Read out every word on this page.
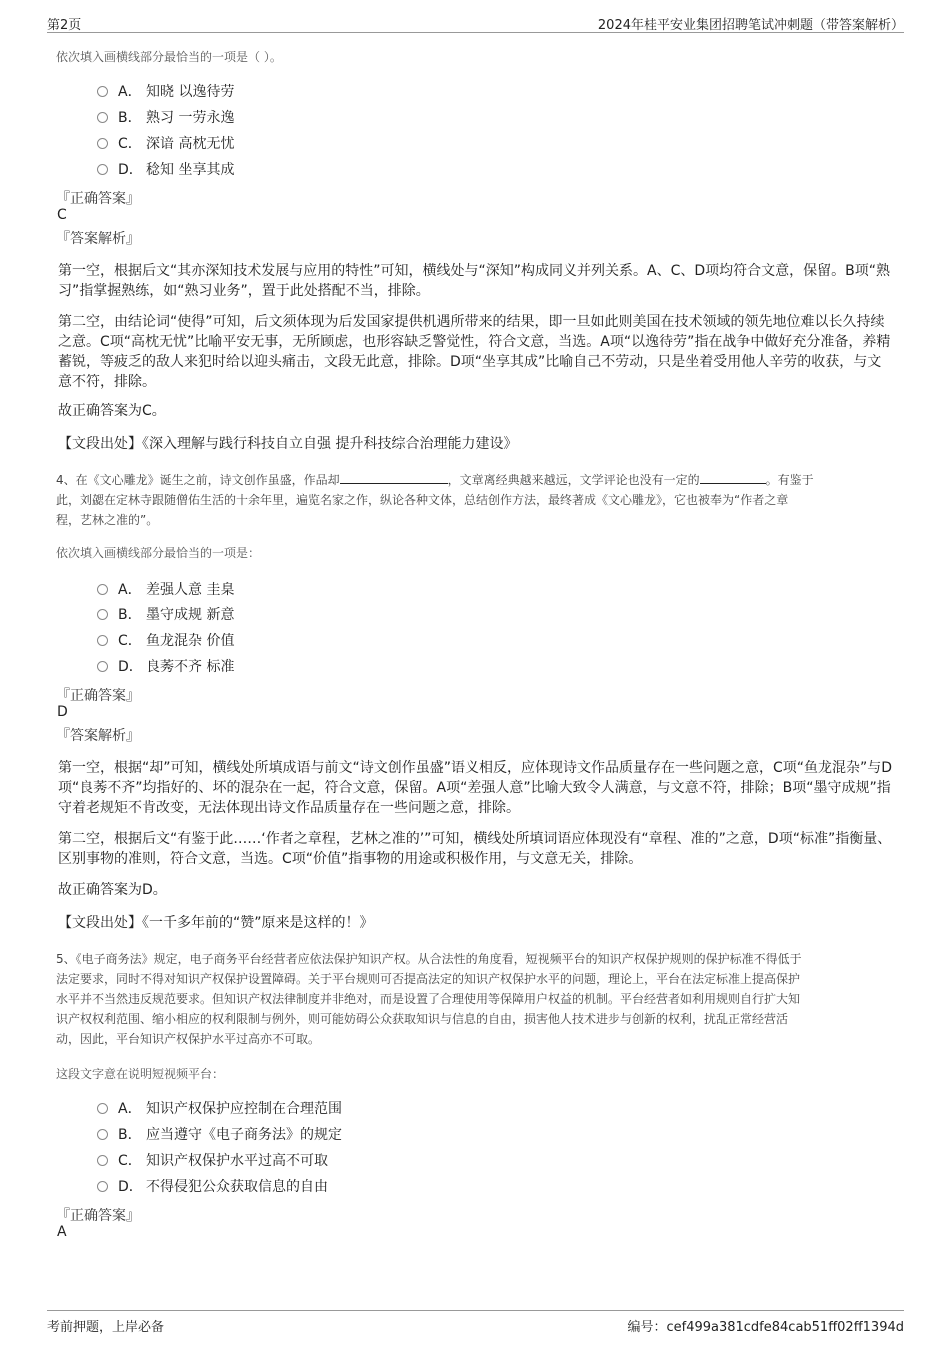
第2页	2024年桂平安业集团招聘笔试冲刺题（带答案解析）
依次填入画横线部分最恰当的一项是（ ）。
A． 知晓 以逸待劳
B． 熟习 一劳永逸
C． 深谙 高枕无忧
D． 稔知 坐享其成
『正确答案』
C
『答案解析』
第一空，根据后文“其亦深知技术发展与应用的特性”可知，横线处与“深知”构成同义并列关系。A、C、D项均符合文意，保留。B项“熟习”指掌握熟练，如“熟习业务”，置于此处搭配不当，排除。
第二空，由结论词“使得”可知，后文须体现为后发国家提供机遇所带来的结果，即一旦如此则美国在技术领域的领先地位难以长久持续之意。C项“高枕无忧”比喻平安无事，无所顾虑，也形容缺乏警觉性，符合文意，当选。A项“以逸待劳”指在战争中做好充分准备，养精蓄锐，等疲乏的敌人来犯时给以迎头痛击，文段无此意，排除。D项“坐享其成”比喻自己不劳动，只是坐着受用他人辛劳的收获，与文意不符，排除。
故正确答案为C。
【文段出处】《深入理解与践行科技自立自强 提升科技综合治理能力建设》
4、在《文心雕龙》诞生之前，诗文创作虽盛，作品却	，文章离经典越来越远，文学评论也没有一定的	。有鉴于
此，刘勰在定林寺跟随僧佑生活的十余年里，遍览名家之作，纵论各种文体，总结创作方法，最终著成《文心雕龙》，它也被奉为“作者之章
程，艺林之准的”。
依次填入画横线部分最恰当的一项是：
A． 差强人意 圭臬
B． 墨守成规 新意
C． 鱼龙混杂 价值
D． 良莠不齐 标准
『正确答案』
D
『答案解析』
第一空，根据“却”可知，横线处所填成语与前文“诗文创作虽盛”语义相反，应体现诗文作品质量存在一些问题之意，C项“鱼龙混杂”与D项“良莠不齐”均指好的、坏的混杂在一起，符合文意，保留。A项“差强人意”比喻大致令人满意，与文意不符，排除；B项“墨守成规”指守着老规矩不肯改变，无法体现出诗文作品质量存在一些问题之意，排除。
第二空，根据后文“有鉴于此……‘作者之章程，艺林之准的’”可知，横线处所填词语应体现没有“章程、准的”之意，D项“标准”指衡量、区别事物的准则，符合文意，当选。C项“价值”指事物的用途或积极作用，与文意无关，排除。
故正确答案为D。
【文段出处】《一千多年前的“赞”原来是这样的！》
5、《电子商务法》规定，电子商务平台经营者应依法保护知识产权。从合法性的角度看，短视频平台的知识产权保护规则的保护标准不得低于
法定要求，同时不得对知识产权保护设置障碍。关于平台规则可否提高法定的知识产权保护水平的问题，理论上，平台在法定标准上提高保护
水平并不当然违反规范要求。但知识产权法律制度并非绝对，而是设置了合理使用等保障用户权益的机制。平台经营者如利用规则自行扩大知
识产权权利范围、缩小相应的权利限制与例外，则可能妨碍公众获取知识与信息的自由，损害他人技术进步与创新的权利，扰乱正常经营活
动，因此，平台知识产权保护水平过高亦不可取。
这段文字意在说明短视频平台：
A． 知识产权保护应控制在合理范围
B． 应当遵守《电子商务法》的规定
C． 知识产权保护水平过高不可取
D． 不得侵犯公众获取信息的自由
『正确答案』
A
考前押题，上岸必备	编号：cef499a381cdfe84cab51ff02ff1394d
